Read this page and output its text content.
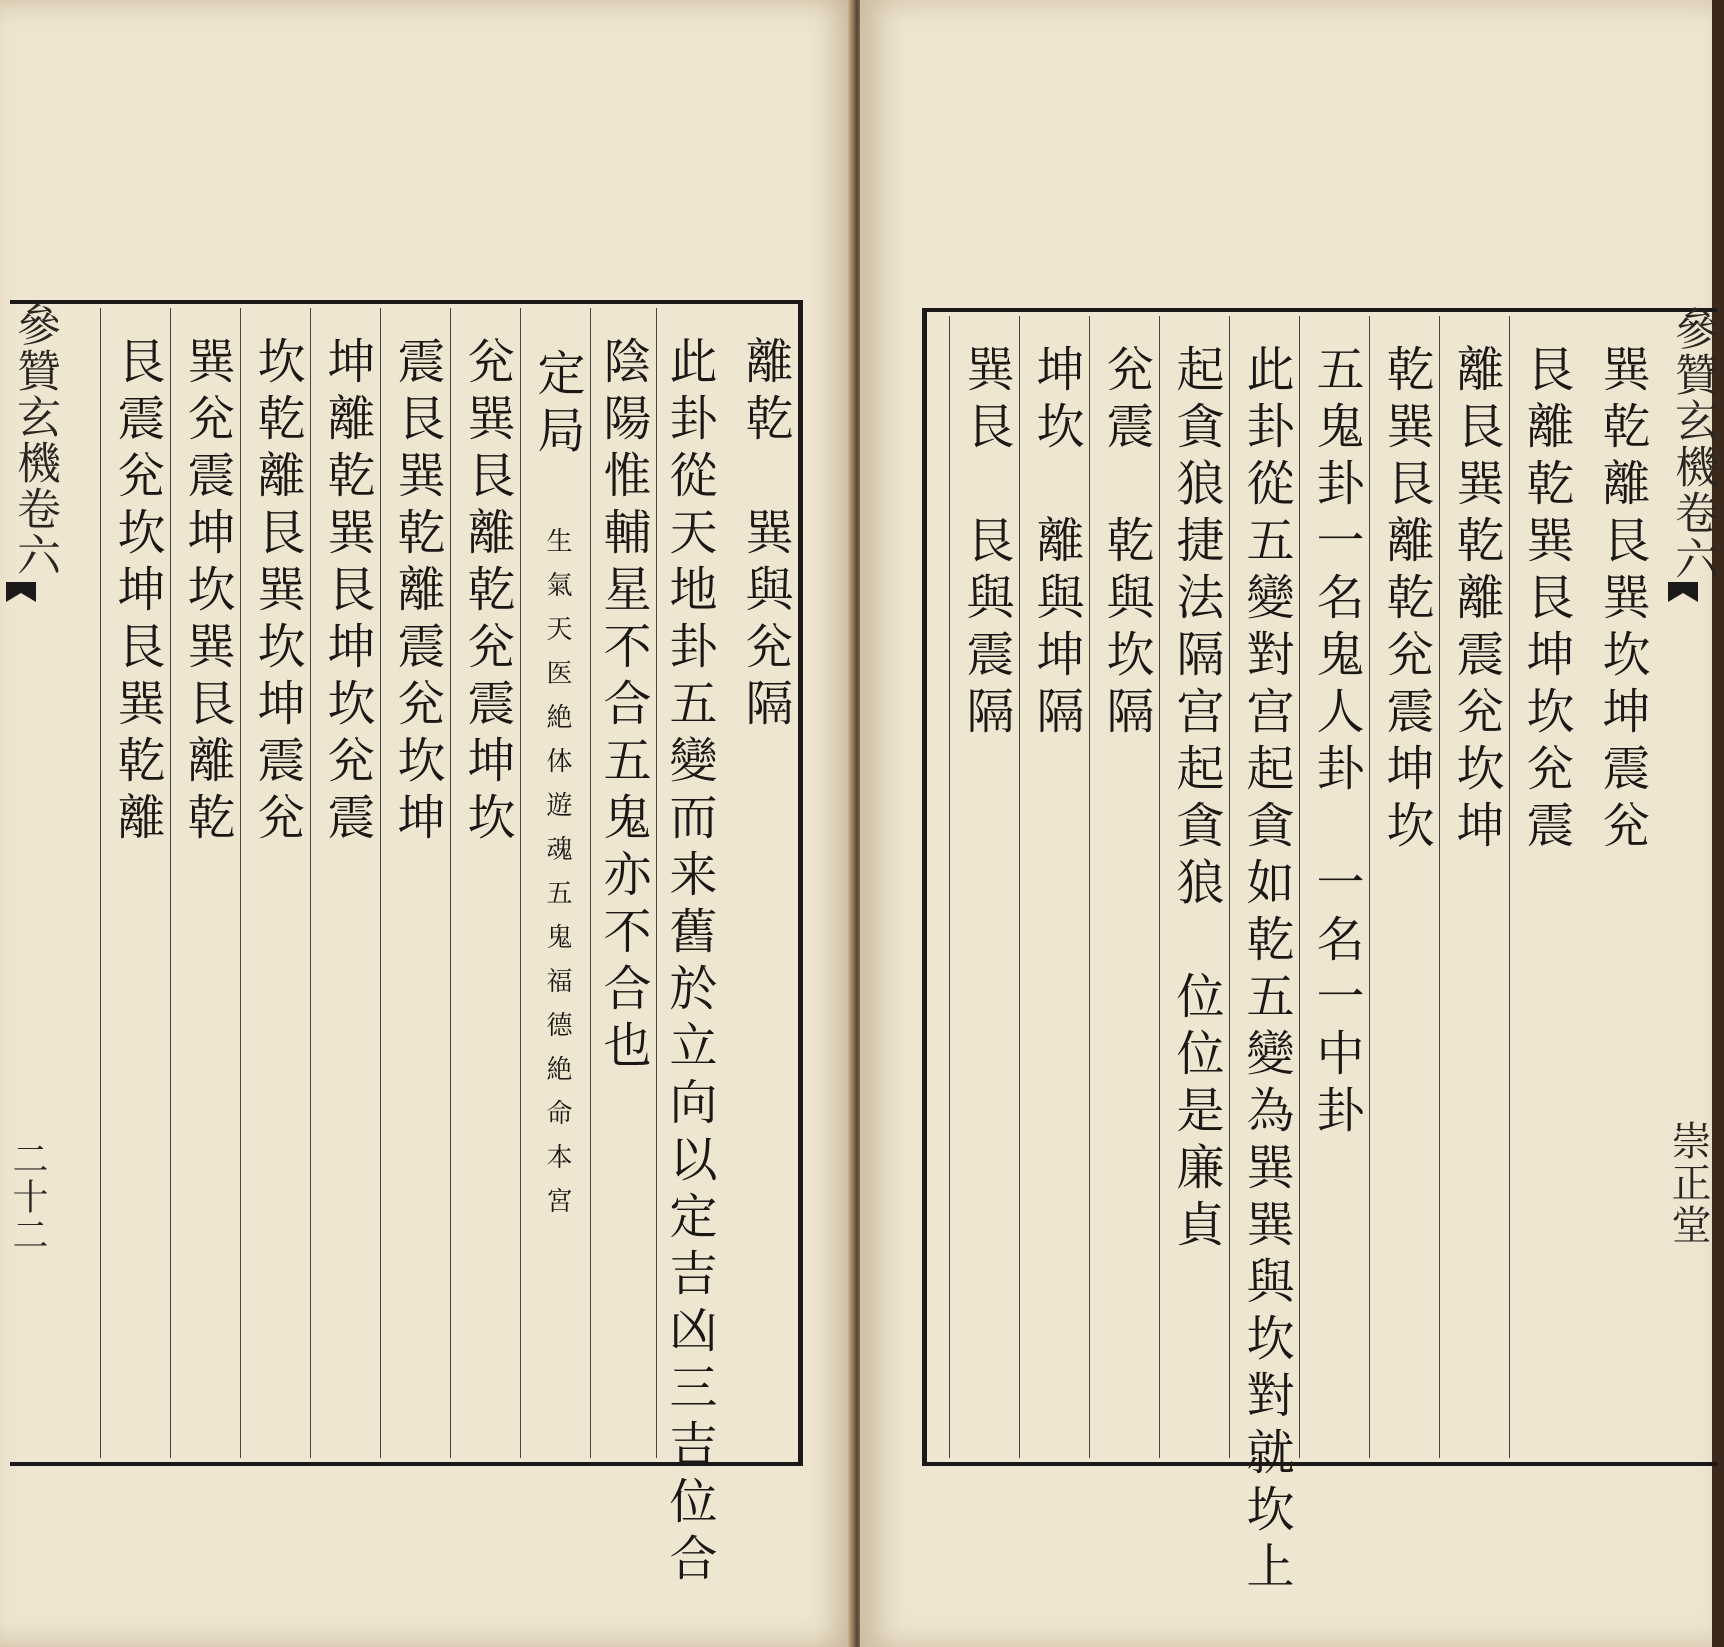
離乾　巽與兊隔
此卦從天地卦五變而来舊於立向以定吉凶三吉位合
陰陽惟輔星不合五鬼亦不合也
定局 生氣天医絶体遊魂五鬼福德絶命本宮
兊巽艮離乾兊震坤坎
震艮巽乾離震兊坎坤
坤離乾巽艮坤坎兊震
坎乾離艮巽坎坤震兊
巽兊震坤坎巽艮離乾
艮震兊坎坤艮巽乾離
參贊玄機卷六
二十二
巽乾離艮巽坎坤震兊
艮離乾巽艮坤坎兊震
離艮巽乾離震兊坎坤
乾巽艮離乾兊震坤坎
五鬼卦一名鬼人卦　一名一中卦
此卦從五變對宫起貪如乾五變為巽巽與坎對就坎上
起貪狼捷法隔宫起貪狼　位位是廉貞
兊震　乾與坎隔
坤坎　離與坤隔
巽艮　艮與震隔	參贊玄機卷六
崇正堂
